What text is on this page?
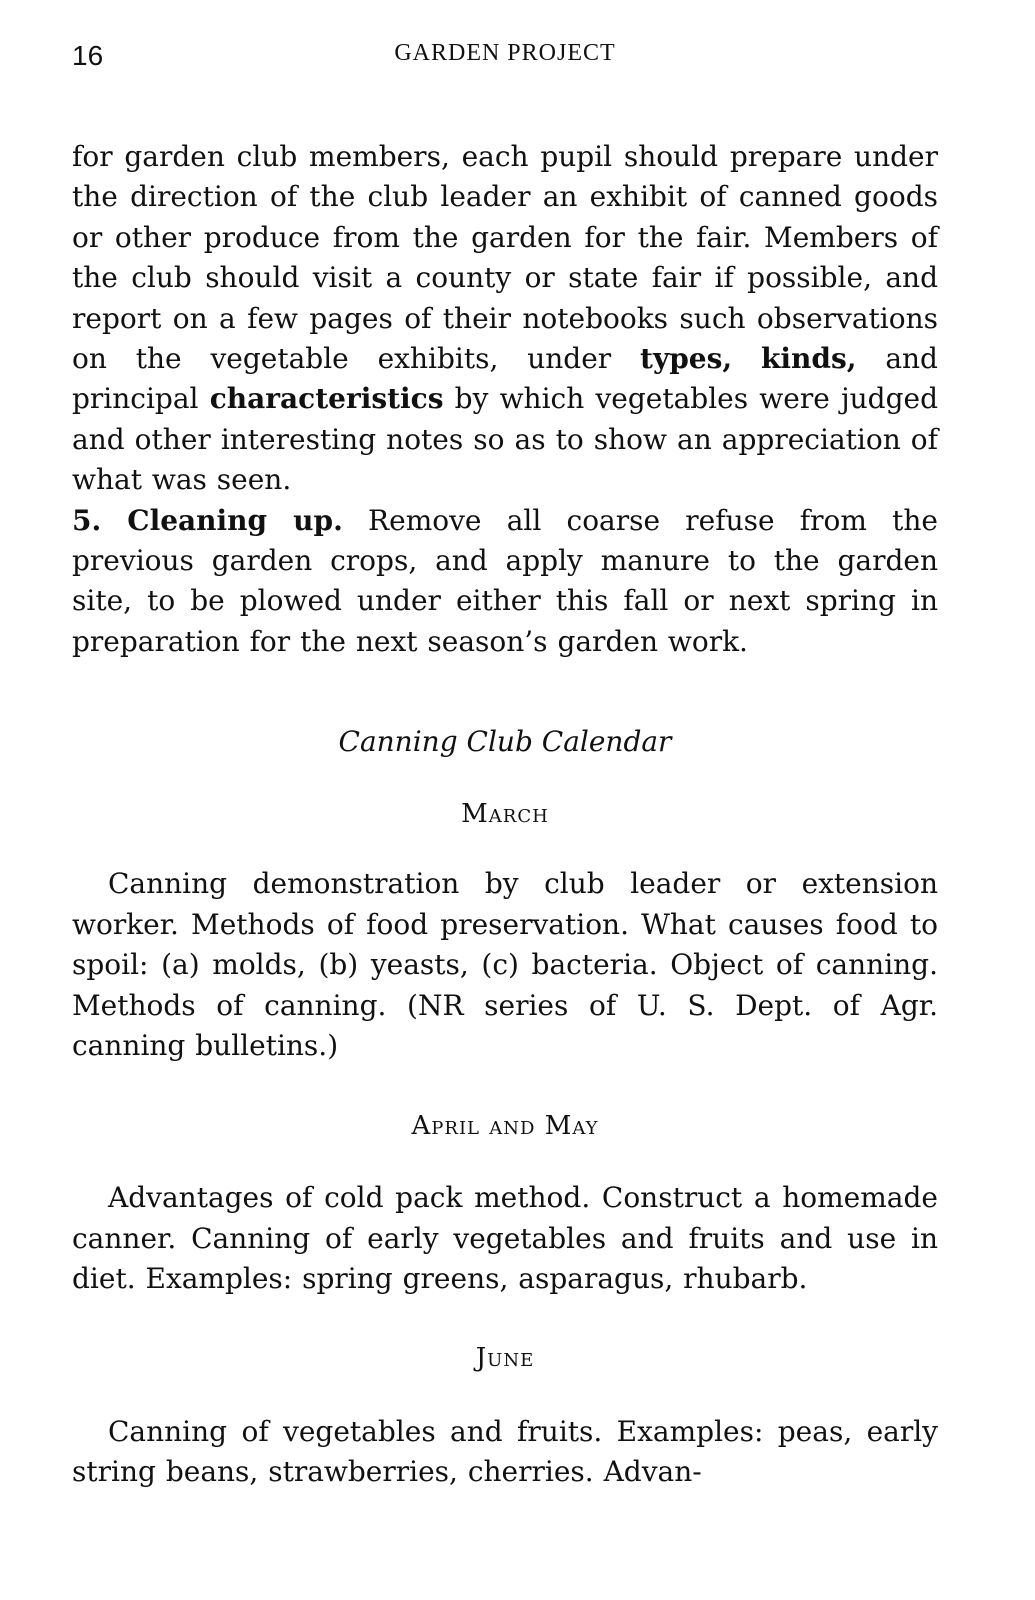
16	GARDEN PROJECT

for garden club members, each pupil should prepare under the direction of the club leader an exhibit of canned goods or other produce from the garden for the fair. Members of the club should visit a county or state fair if possible, and report on a few pages of their notebooks such observations on the vegetable exhibits, under types, kinds, and principal characteristics by which vegetables were judged and other interesting notes so as to show an appreciation of what was seen.

5. Cleaning up. Remove all coarse refuse from the previous garden crops, and apply manure to the garden site, to be plowed under either this fall or next spring in preparation for the next season’s garden work.

Canning Club Calendar
March

Canning demonstration by club leader or extension worker. Methods of food preservation. What causes food to spoil: (a) molds, (b) yeasts, (c) bacteria. Object of canning. Methods of canning. (NR series of U. S. Dept. of Agr. canning bulletins.)

April and May

Advantages of cold pack method. Construct a homemade canner. Canning of early vegetables and fruits and use in diet. Examples: spring greens, asparagus, rhubarb.

June

Canning of vegetables and fruits. Examples: peas, early string beans, strawberries, cherries. Advan-
